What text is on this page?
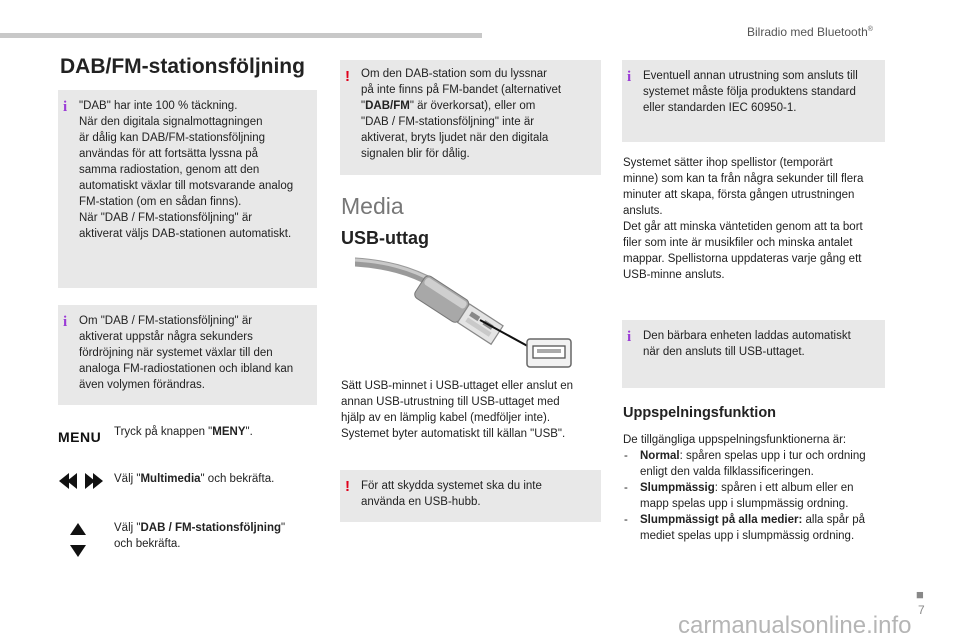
Bilradio med Bluetooth®
DAB/FM-stationsföljning
i "DAB" har inte 100 % täckning.

När den digitala signalmottagningen

är dålig kan DAB/FM-stationsföljning

användas för att fortsätta lyssna på

samma radiostation, genom att den

automatiskt växlar till motsvarande analog

FM-station (om en sådan finns).

När "DAB / FM-stationsföljning" är

aktiverat väljs DAB-stationen automatiskt.

i Om "DAB / FM-stationsföljning" är

aktiverat uppstår några sekunders

fördröjning när systemet växlar till den

analoga FM-radiostationen och ibland kan

även volymen förändras.

MENU Tryck på knappen "MENY".

Välj "Multimedia" och bekräfta.

Välj "DAB / FM-stationsföljning"

och bekräfta.

! Om den DAB-station som du lyssnar

på inte finns på FM-bandet (alternativet

"DAB/FM" är överkorsat), eller om

"DAB / FM-stationsföljning" inte är

aktiverat, bryts ljudet när den digitala

signalen blir för dålig.

Media
USB-uttag

Sätt USB-minnet i USB-uttaget eller anslut en

annan USB-utrustning till USB-uttaget med

hjälp av en lämplig kabel (medföljer inte).

Systemet byter automatiskt till källan "USB".

! För att skydda systemet ska du inte

använda en USB-hubb.

i Eventuell annan utrustning som ansluts till

systemet måste följa produktens standard

eller standarden IEC 60950-1.

Systemet sätter ihop spellistor (temporärt

minne) som kan ta från några sekunder till flera

minuter att skapa, första gången utrustningen

ansluts.

Det går att minska väntetiden genom att ta bort

filer som inte är musikfiler och minska antalet

mappar. Spellistorna uppdateras varje gång ett

USB-minne ansluts.

i Den bärbara enheten laddas automatiskt

när den ansluts till USB-uttaget.

Uppspelningsfunktion

De tillgängliga uppspelningsfunktionerna är:

- Normal: spåren spelas upp i tur och ordning
enligt den valda filklassificeringen.
- Slumpmässig: spåren i ett album eller en
mapp spelas upp i slumpmässig ordning.
- Slumpmässigt på alla medier: alla spår på
mediet spelas upp i slumpmässig ordning.
■
7
carmanualsonline.info
